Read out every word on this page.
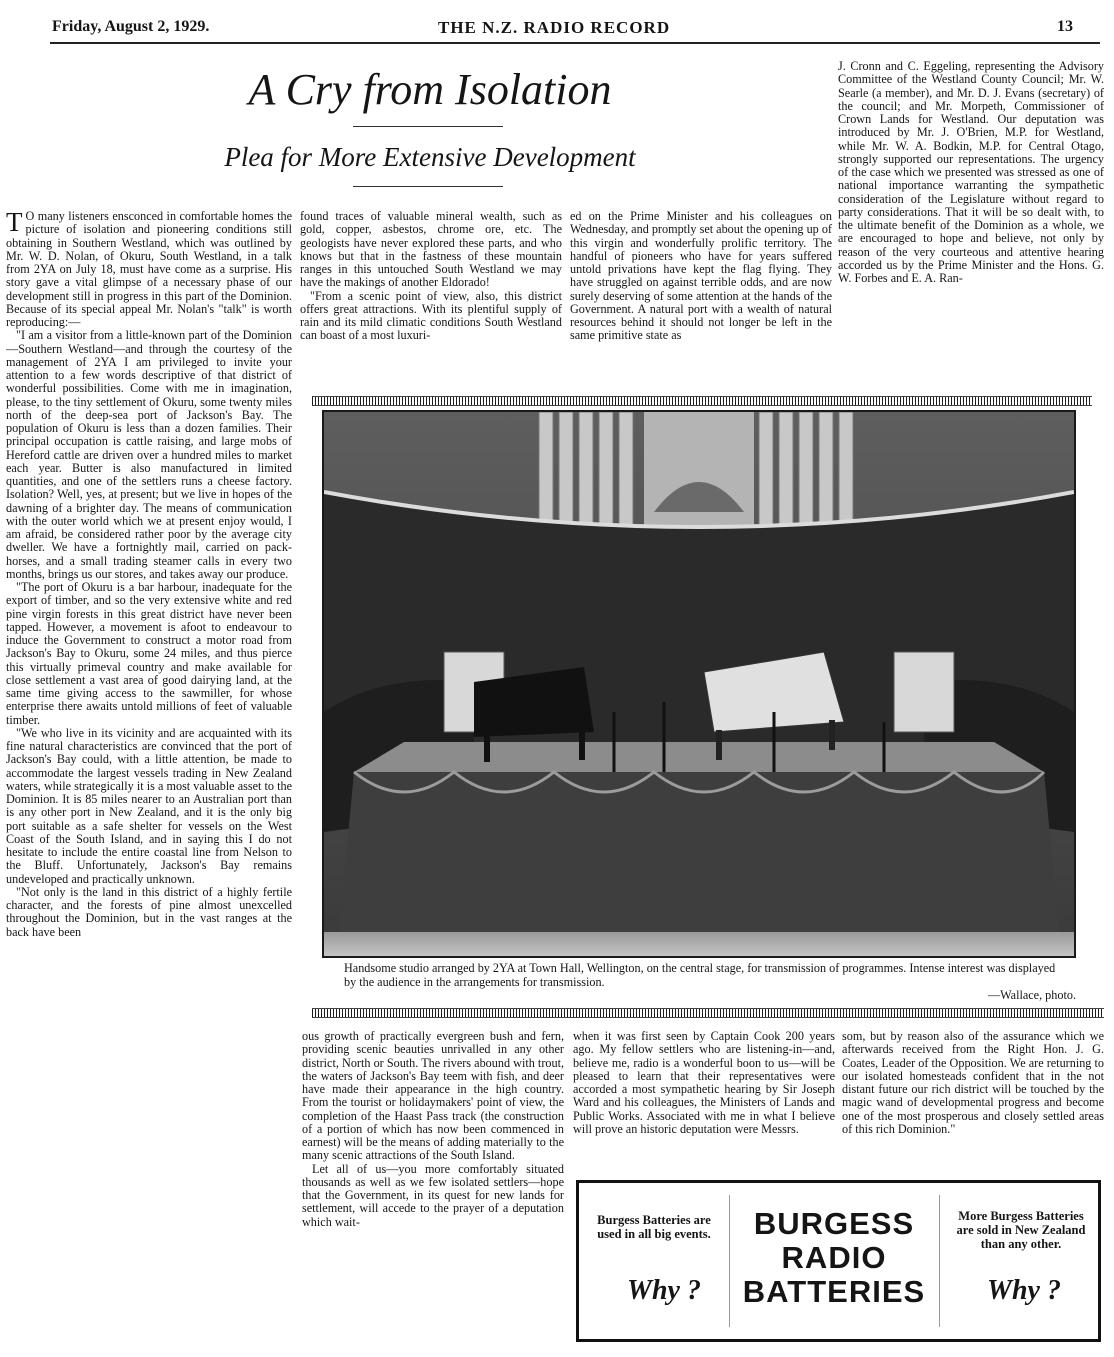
Friday, August 2, 1929.	THE N.Z. RADIO RECORD	13
A Cry from Isolation
Plea for More Extensive Development

T O many listeners ensconced in comfortable homes the picture of isolation and pioneering conditions still obtaining in Southern Westland, which was outlined by Mr. W. D. Nolan, of Okuru, South Westland, in a talk from 2YA on July 18, must have come as a surprise. His story gave a vital glimpse of a necessary phase of our development still in progress in this part of the Dominion. Because of its special appeal Mr. Nolan's "talk" is worth reproducing:—

"I am a visitor from a little-known part of the Dominion—Southern Westland—and through the courtesy of the management of 2YA I am privileged to invite your attention to a few words descriptive of that district of wonderful possibilities. Come with me in imagination, please, to the tiny settlement of Okuru, some twenty miles north of the deep-sea port of Jackson's Bay. The population of Okuru is less than a dozen families. Their principal occupation is cattle raising, and large mobs of Hereford cattle are driven over a hundred miles to market each year. Butter is also manufactured in limited quantities, and one of the settlers runs a cheese factory. Isolation? Well, yes, at present; but we live in hopes of the dawning of a brighter day. The means of communication with the outer world which we at present enjoy would, I am afraid, be considered rather poor by the average city dweller. We have a fortnightly mail, carried on pack-horses, and a small trading steamer calls in every two months, brings us our stores, and takes away our produce.

"The port of Okuru is a bar harbour, inadequate for the export of timber, and so the very extensive white and red pine virgin forests in this great district have never been tapped. However, a movement is afoot to endeavour to induce the Government to construct a motor road from Jackson's Bay to Okuru, some 24 miles, and thus pierce this virtually primeval country and make available for close settlement a vast area of good dairying land, at the same time giving access to the sawmiller, for whose enterprise there awaits untold millions of feet of valuable timber.

"We who live in its vicinity and are acquainted with its fine natural characteristics are convinced that the port of Jackson's Bay could, with a little attention, be made to accommodate the largest vessels trading in New Zealand waters, while strategically it is a most valuable asset to the Dominion. It is 85 miles nearer to an Australian port than is any other port in New Zealand, and it is the only big port suitable as a safe shelter for vessels on the West Coast of the South Island, and in saying this I do not hesitate to include the entire coastal line from Nelson to the Bluff. Unfortunately, Jackson's Bay remains undeveloped and practically unknown.

"Not only is the land in this district of a highly fertile character, and the forests of pine almost unexcelled throughout the Dominion, but in the vast ranges at the back have been

found traces of valuable mineral wealth, such as gold, copper, asbestos, chrome ore, etc. The geologists have never explored these parts, and who knows but that in the fastness of these mountain ranges in this untouched South Westland we may have the makings of another Eldorado!

"From a scenic point of view, also, this district offers great attractions. With its plentiful supply of rain and its mild climatic conditions South Westland can boast of a most luxuri-

ed on the Prime Minister and his colleagues on Wednesday, and promptly set about the opening up of this virgin and wonderfully prolific territory. The handful of pioneers who have for years suffered untold privations have kept the flag flying. They have struggled on against terrible odds, and are now surely deserving of some attention at the hands of the Government. A natural port with a wealth of natural resources behind it should not longer be left in the same primitive state as

J. Cronn and C. Eggeling, representing the Advisory Committee of the Westland County Council; Mr. W. Searle (a member), and Mr. D. J. Evans (secretary) of the council; and Mr. Morpeth, Commissioner of Crown Lands for Westland. Our deputation was introduced by Mr. J. O'Brien, M.P. for Westland, while Mr. W. A. Bodkin, M.P. for Central Otago, strongly supported our representations. The urgency of the case which we presented was stressed as one of national importance warranting the sympathetic consideration of the Legislature without regard to party considerations. That it will be so dealt with, to the ultimate benefit of the Dominion as a whole, we are encouraged to hope and believe, not only by reason of the very courteous and attentive hearing accorded us by the Prime Minister and the Hons. G. W. Forbes and E. A. Ran-

Handsome studio arranged by 2YA at Town Hall, Wellington, on the central stage, for transmission of programmes. Intense interest was displayed by the audience in the arrangements for transmission.
—Wallace, photo.

ous growth of practically evergreen bush and fern, providing scenic beauties unrivalled in any other district, North or South. The rivers abound with trout, the waters of Jackson's Bay teem with fish, and deer have made their appearance in the high country. From the tourist or holidaymakers' point of view, the completion of the Haast Pass track (the construction of a portion of which has now been commenced in earnest) will be the means of adding materially to the many scenic attractions of the South Island.

Let all of us—you more comfortably situated thousands as well as we few isolated settlers—hope that the Government, in its quest for new lands for settlement, will accede to the prayer of a deputation which wait-

when it was first seen by Captain Cook 200 years ago. My fellow settlers who are listening-in—and, believe me, radio is a wonderful boon to us—will be pleased to learn that their representatives were accorded a most sympathetic hearing by Sir Joseph Ward and his colleagues, the Ministers of Lands and Public Works. Associated with me in what I believe will prove an historic deputation were Messrs.

som, but by reason also of the assurance which we afterwards received from the Right Hon. J. G. Coates, Leader of the Opposition. We are returning to our isolated homesteads confident that in the not distant future our rich district will be touched by the magic wand of developmental progress and become one of the most prosperous and closely settled areas of this rich Dominion."

Burgess Batteries are used in all big events.
Why ?
BURGESS
RADIO
BATTERIES
More Burgess Batteries are sold in New Zealand than any other.
Why ?
